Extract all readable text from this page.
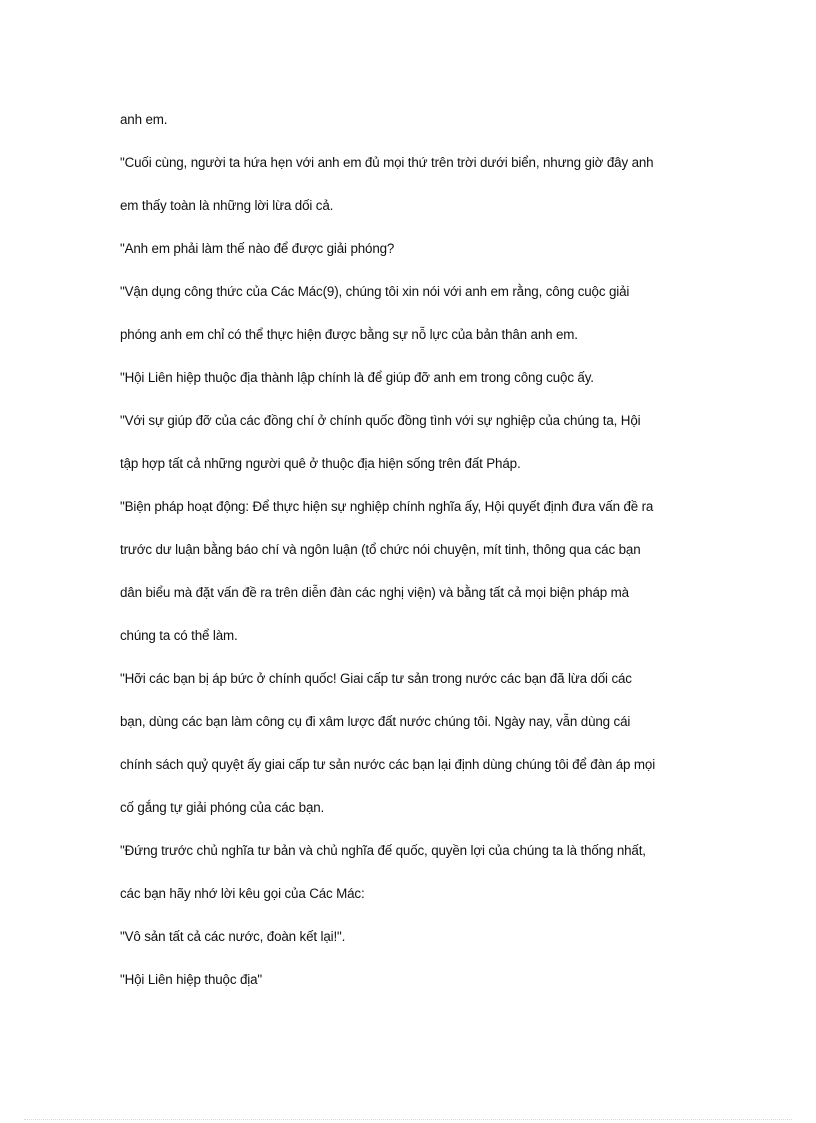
anh em.
"Cuối cùng, người ta hứa hẹn với anh em đủ mọi thứ trên trời dưới biển, nhưng giờ đây anh
em thấy toàn là những lời lừa dối cả.
"Anh em phải làm thế nào để được giải phóng?
"Vận dụng công thức của Các Mác(9), chúng tôi xin nói với anh em rằng, công cuộc giải
phóng anh em chỉ có thể thực hiện được bằng sự nỗ lực của bản thân anh em.
"Hội Liên hiệp thuộc địa thành lập chính là để giúp đỡ anh em trong công cuộc ấy.
"Với sự giúp đỡ của các đồng chí ở chính quốc đồng tình với sự nghiệp của chúng ta, Hội
tập hợp tất cả những người quê ở thuộc địa hiện sống trên đất Pháp.
"Biện pháp hoạt động: Để thực hiện sự nghiệp chính nghĩa ấy, Hội quyết định đưa vấn đề ra
trước dư luận bằng báo chí và ngôn luận (tổ chức nói chuyện, mít tinh, thông qua các bạn
dân biểu mà đặt vấn đề ra trên diễn đàn các nghị viện) và bằng tất cả mọi biện pháp mà
chúng ta có thể làm.
"Hỡi các bạn bị áp bức ở chính quốc! Giai cấp tư sản trong nước các bạn đã lừa dối các
bạn, dùng các bạn làm công cụ đi xâm lược đất nước chúng tôi. Ngày nay, vẫn dùng cái
chính sách quỷ quyệt ấy giai cấp tư sản nước các bạn lại định dùng chúng tôi để đàn áp mọi
cố gắng tự giải phóng của các bạn.
"Đứng trước chủ nghĩa tư bản và chủ nghĩa đế quốc, quyền lợi của chúng ta là thống nhất,
các bạn hãy nhớ lời kêu gọi của Các Mác:
"Vô sản tất cả các nước, đoàn kết lại!".
"Hội Liên hiệp thuộc địa"
